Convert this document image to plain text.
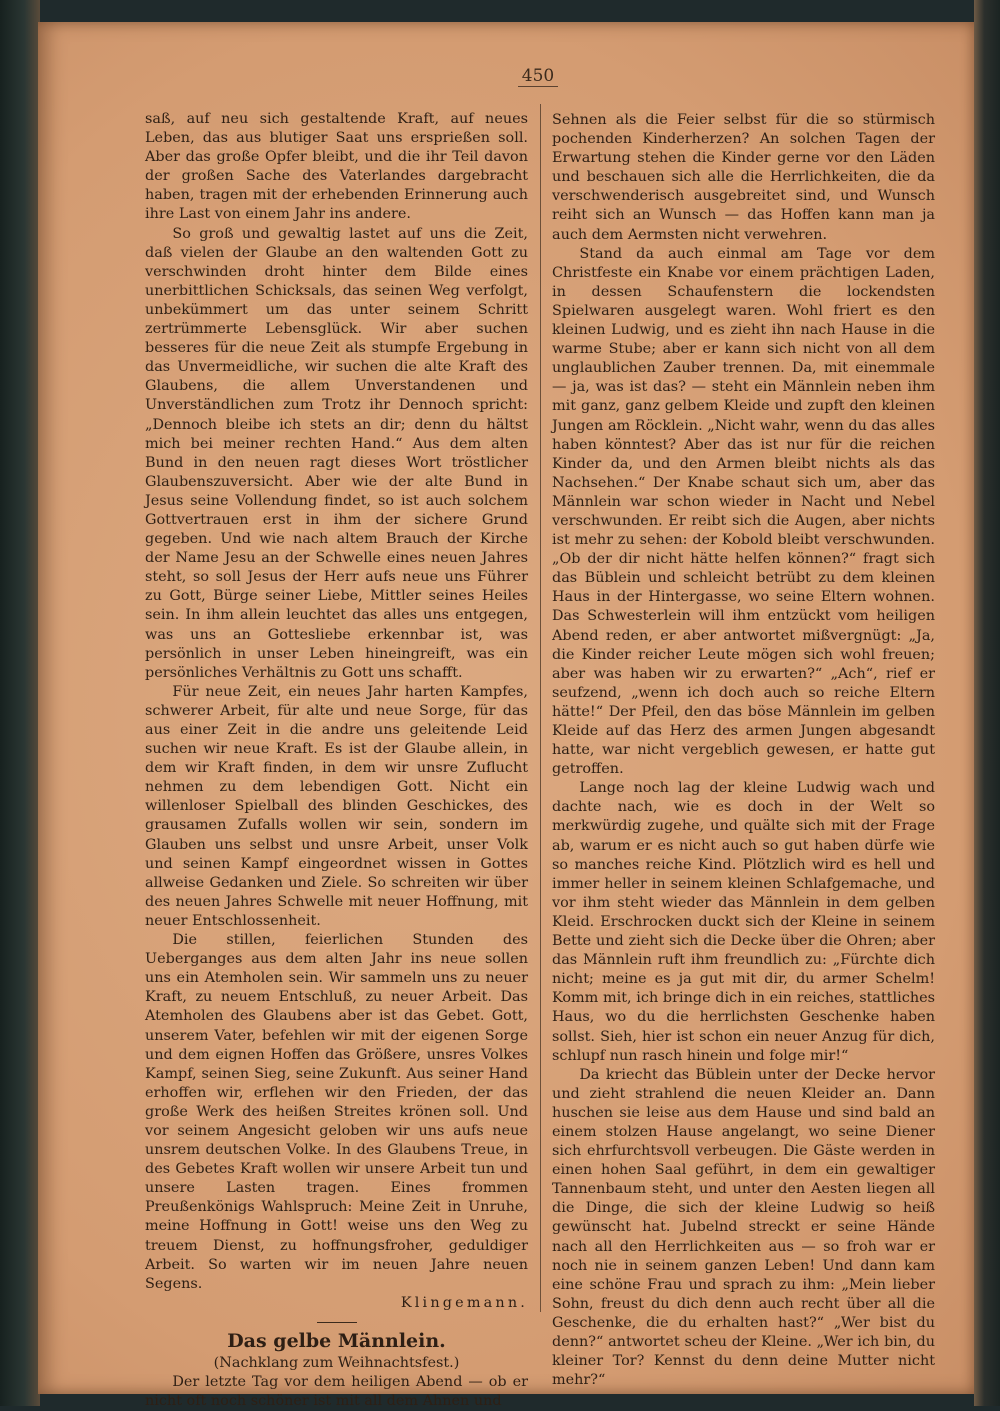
450

saß, auf neu sich gestaltende Kraft, auf neues Leben, das aus blutiger Saat uns ersprießen soll. Aber das große Opfer bleibt, und die ihr Teil davon der großen Sache des Vaterlandes dargebracht haben, tragen mit der erhebenden Erinnerung auch ihre Last von einem Jahr ins andere.

So groß und gewaltig lastet auf uns die Zeit, daß vielen der Glaube an den waltenden Gott zu verschwinden droht hinter dem Bilde eines unerbittlichen Schicksals, das seinen Weg verfolgt, unbekümmert um das unter seinem Schritt zertrümmerte Lebensglück. Wir aber suchen besseres für die neue Zeit als stumpfe Ergebung in das Unvermeidliche, wir suchen die alte Kraft des Glaubens, die allem Unverstandenen und Unverständlichen zum Trotz ihr Dennoch spricht: „Dennoch bleibe ich stets an dir; denn du hältst mich bei meiner rechten Hand.“ Aus dem alten Bund in den neuen ragt dieses Wort tröstlicher Glaubenszuversicht. Aber wie der alte Bund in Jesus seine Vollendung findet, so ist auch solchem Gottvertrauen erst in ihm der sichere Grund gegeben. Und wie nach altem Brauch der Kirche der Name Jesu an der Schwelle eines neuen Jahres steht, so soll Jesus der Herr aufs neue uns Führer zu Gott, Bürge seiner Liebe, Mittler seines Heiles sein. In ihm allein leuchtet das alles uns entgegen, was uns an Gottesliebe erkennbar ist, was persönlich in unser Leben hineingreift, was ein persönliches Verhältnis zu Gott uns schafft.

Für neue Zeit, ein neues Jahr harten Kampfes, schwerer Arbeit, für alte und neue Sorge, für das aus einer Zeit in die andre uns geleitende Leid suchen wir neue Kraft. Es ist der Glaube allein, in dem wir Kraft finden, in dem wir unsre Zuflucht nehmen zu dem lebendigen Gott. Nicht ein willenloser Spielball des blinden Geschickes, des grausamen Zufalls wollen wir sein, sondern im Glauben uns selbst und unsre Arbeit, unser Volk und seinen Kampf eingeordnet wissen in Gottes allweise Gedanken und Ziele. So schreiten wir über des neuen Jahres Schwelle mit neuer Hoffnung, mit neuer Entschlossenheit.

Die stillen, feierlichen Stunden des Ueberganges aus dem alten Jahr ins neue sollen uns ein Atemholen sein. Wir sammeln uns zu neuer Kraft, zu neuem Entschluß, zu neuer Arbeit. Das Atemholen des Glaubens aber ist das Gebet. Gott, unserem Vater, befehlen wir mit der eigenen Sorge und dem eignen Hoffen das Größere, unsres Volkes Kampf, seinen Sieg, seine Zukunft. Aus seiner Hand erhoffen wir, erflehen wir den Frieden, der das große Werk des heißen Streites krönen soll. Und vor seinem Angesicht geloben wir uns aufs neue unsrem deutschen Volke. In des Glaubens Treue, in des Gebetes Kraft wollen wir unsere Arbeit tun und unsere Lasten tragen. Eines frommen Preußenkönigs Wahlspruch: Meine Zeit in Unruhe, meine Hoffnung in Gott! weise uns den Weg zu treuem Dienst, zu hoffnungsfroher, geduldiger Arbeit. So warten wir im neuen Jahre neuen Segens.

Klingemann.

Das gelbe Männlein.

(Nachklang zum Weihnachtsfest.)

Der letzte Tag vor dem heiligen Abend — ob er nicht oft noch schöner ist mit all dem Ahnen und

Sehnen als die Feier selbst für die so stürmisch pochenden Kinderherzen? An solchen Tagen der Erwartung stehen die Kinder gerne vor den Läden und beschauen sich alle die Herrlichkeiten, die da verschwenderisch ausgebreitet sind, und Wunsch reiht sich an Wunsch — das Hoffen kann man ja auch dem Aermsten nicht verwehren.

Stand da auch einmal am Tage vor dem Christfeste ein Knabe vor einem prächtigen Laden, in dessen Schaufenstern die lockendsten Spielwaren ausgelegt waren. Wohl friert es den kleinen Ludwig, und es zieht ihn nach Hause in die warme Stube; aber er kann sich nicht von all dem unglaublichen Zauber trennen. Da, mit einemmale — ja, was ist das? — steht ein Männlein neben ihm mit ganz, ganz gelbem Kleide und zupft den kleinen Jungen am Röcklein. „Nicht wahr, wenn du das alles haben könntest? Aber das ist nur für die reichen Kinder da, und den Armen bleibt nichts als das Nachsehen.“ Der Knabe schaut sich um, aber das Männlein war schon wieder in Nacht und Nebel verschwunden. Er reibt sich die Augen, aber nichts ist mehr zu sehen: der Kobold bleibt verschwunden. „Ob der dir nicht hätte helfen können?“ fragt sich das Büblein und schleicht betrübt zu dem kleinen Haus in der Hintergasse, wo seine Eltern wohnen. Das Schwesterlein will ihm entzückt vom heiligen Abend reden, er aber antwortet mißvergnügt: „Ja, die Kinder reicher Leute mögen sich wohl freuen; aber was haben wir zu erwarten?“ „Ach“, rief er seufzend, „wenn ich doch auch so reiche Eltern hätte!“ Der Pfeil, den das böse Männlein im gelben Kleide auf das Herz des armen Jungen abgesandt hatte, war nicht vergeblich gewesen, er hatte gut getroffen.

Lange noch lag der kleine Ludwig wach und dachte nach, wie es doch in der Welt so merkwürdig zugehe, und quälte sich mit der Frage ab, warum er es nicht auch so gut haben dürfe wie so manches reiche Kind. Plötzlich wird es hell und immer heller in seinem kleinen Schlafgemache, und vor ihm steht wieder das Männlein in dem gelben Kleid. Erschrocken duckt sich der Kleine in seinem Bette und zieht sich die Decke über die Ohren; aber das Männlein ruft ihm freundlich zu: „Fürchte dich nicht; meine es ja gut mit dir, du armer Schelm! Komm mit, ich bringe dich in ein reiches, stattliches Haus, wo du die herrlichsten Geschenke haben sollst. Sieh, hier ist schon ein neuer Anzug für dich, schlupf nun rasch hinein und folge mir!“

Da kriecht das Büblein unter der Decke hervor und zieht strahlend die neuen Kleider an. Dann huschen sie leise aus dem Hause und sind bald an einem stolzen Hause angelangt, wo seine Diener sich ehrfurchtsvoll verbeugen. Die Gäste werden in einen hohen Saal geführt, in dem ein gewaltiger Tannenbaum steht, und unter den Aesten liegen all die Dinge, die sich der kleine Ludwig so heiß gewünscht hat. Jubelnd streckt er seine Hände nach all den Herrlichkeiten aus — so froh war er noch nie in seinem ganzen Leben! Und dann kam eine schöne Frau und sprach zu ihm: „Mein lieber Sohn, freust du dich denn auch recht über all die Geschenke, die du erhalten hast?“ „Wer bist du denn?“ antwortet scheu der Kleine. „Wer ich bin, du kleiner Tor? Kennst du denn deine Mutter nicht mehr?“
